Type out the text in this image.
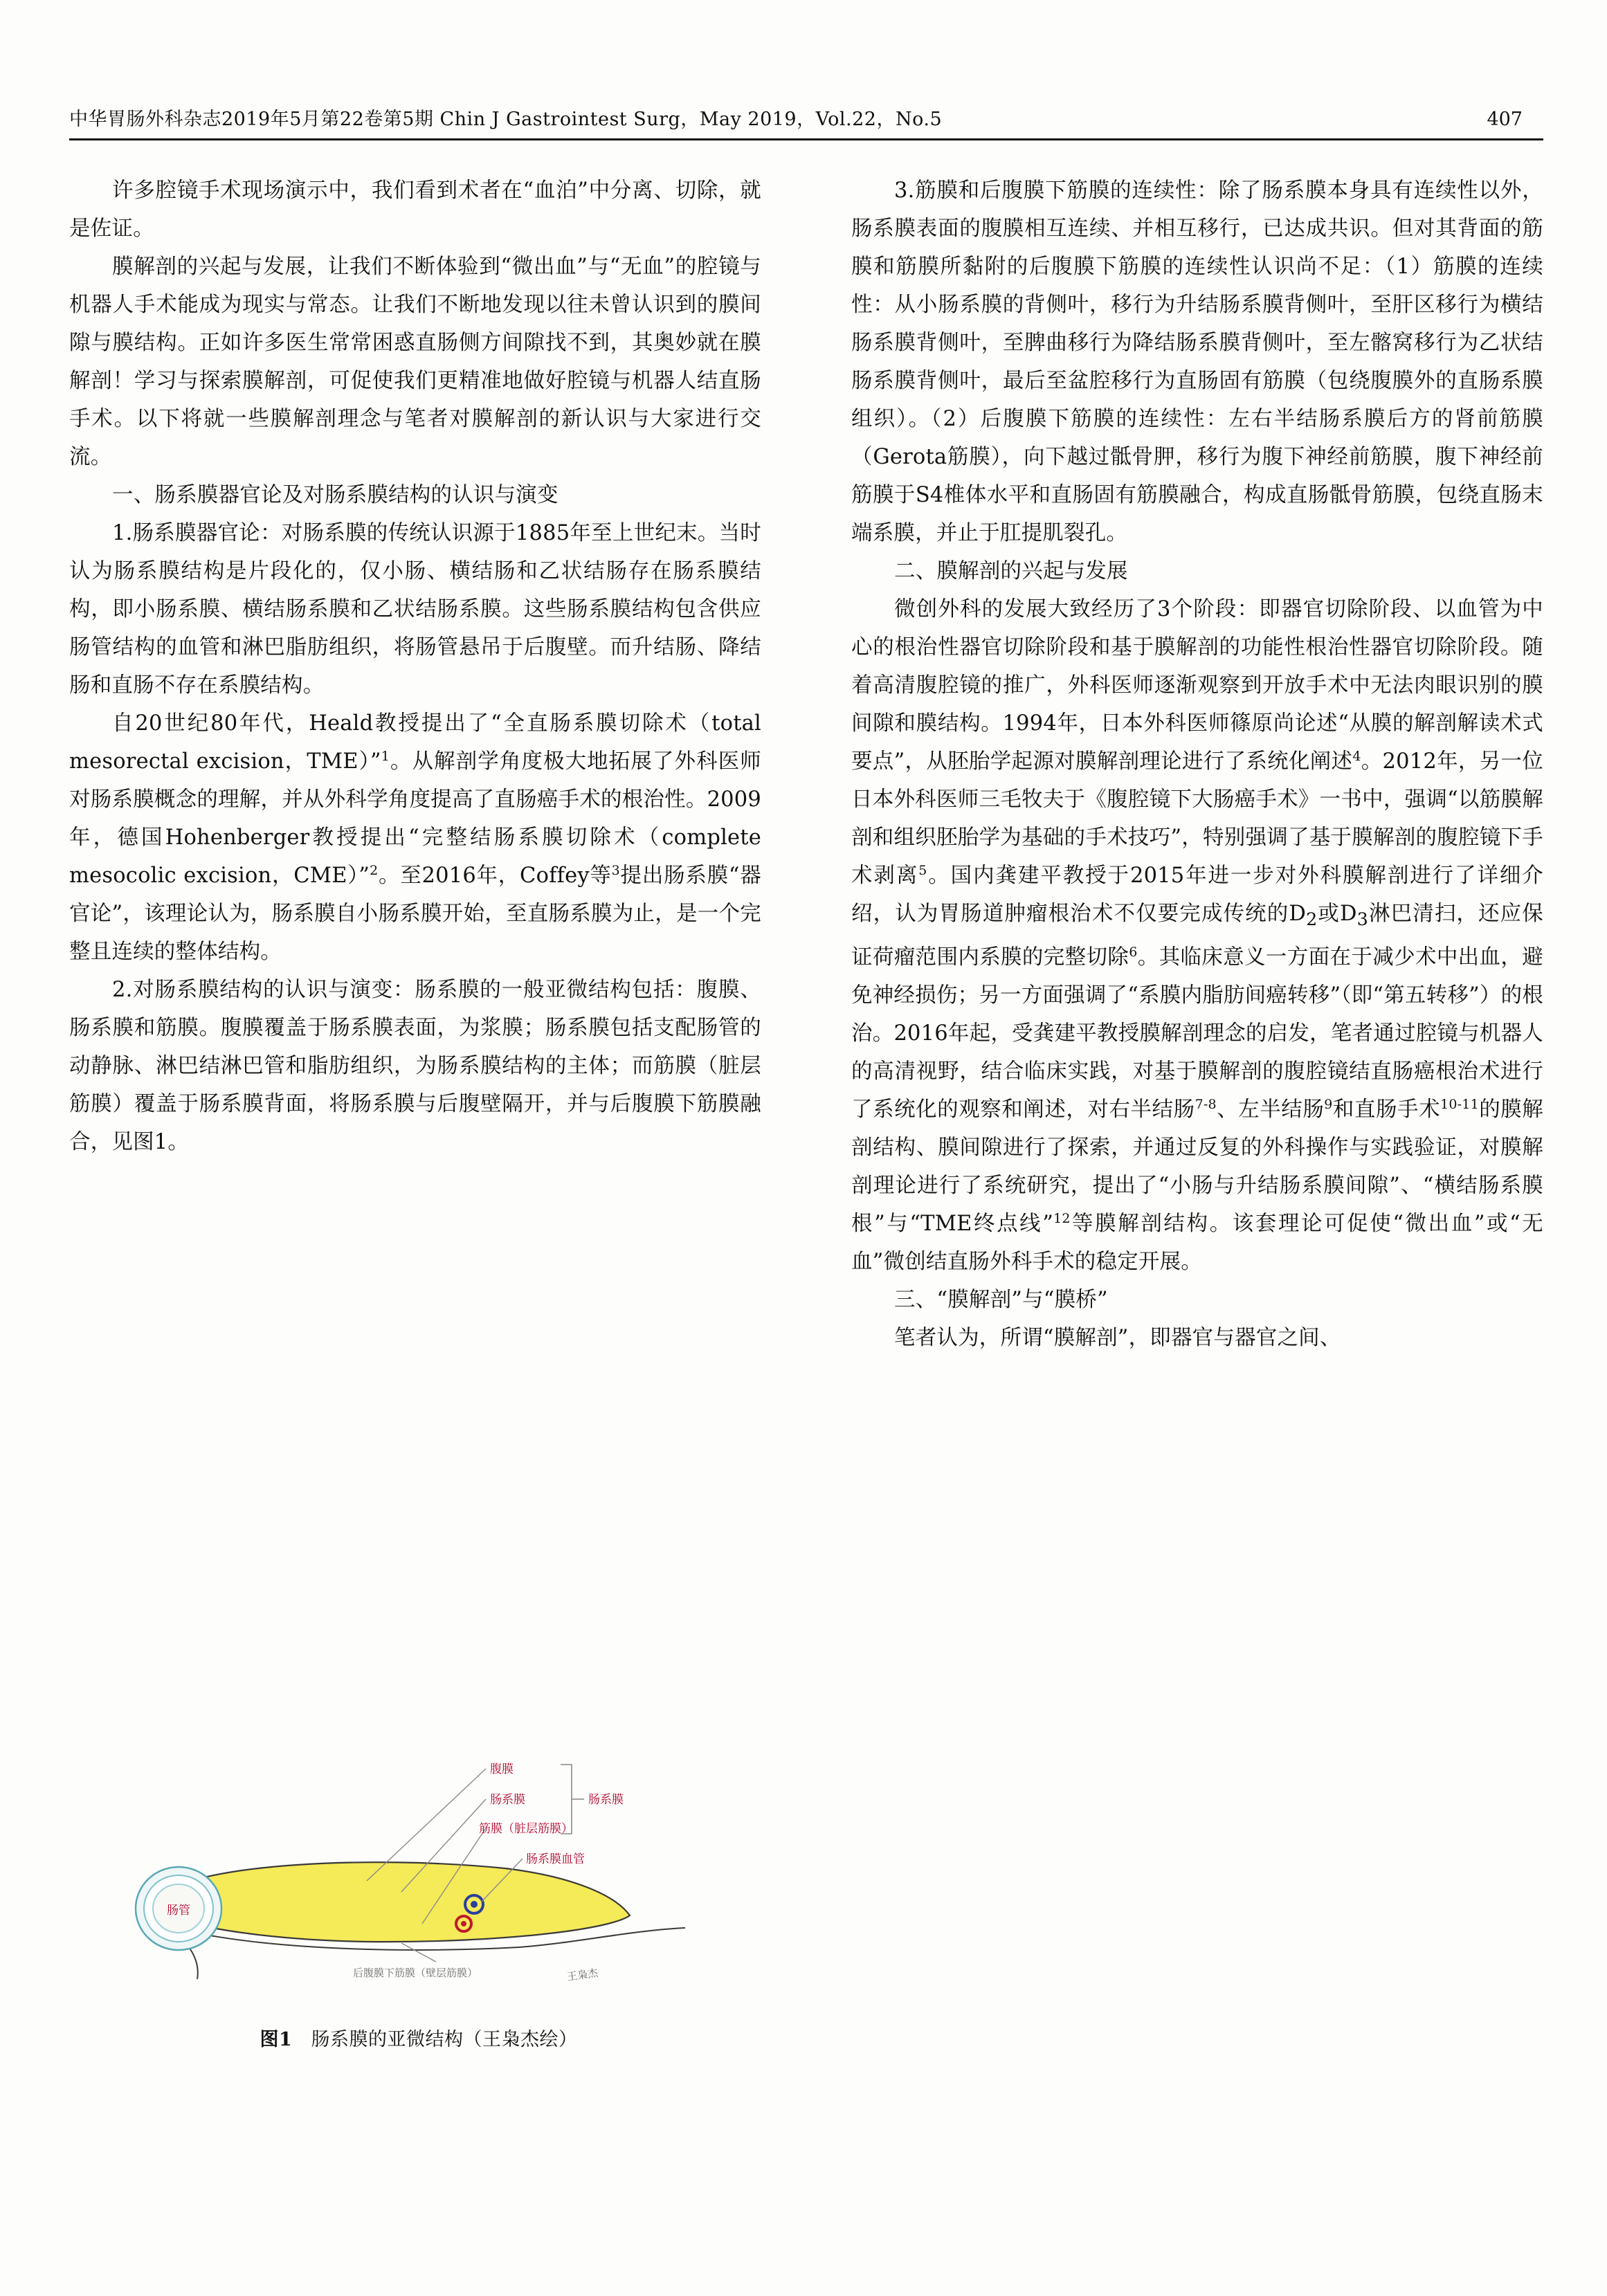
中华胃肠外科杂志2019年5月第22卷第5期 Chin J Gastrointest Surg，May 2019，Vol.22，No.5	407

许多腔镜手术现场演示中，我们看到术者在“血泊”中分离、切除，就是佐证。

膜解剖的兴起与发展，让我们不断体验到“微出血”与“无血”的腔镜与机器人手术能成为现实与常态。让我们不断地发现以往未曾认识到的膜间隙与膜结构。正如许多医生常常困惑直肠侧方间隙找不到，其奥妙就在膜解剖！学习与探索膜解剖，可促使我们更精准地做好腔镜与机器人结直肠手术。以下将就一些膜解剖理念与笔者对膜解剖的新认识与大家进行交流。

一、肠系膜器官论及对肠系膜结构的认识与演变

1.肠系膜器官论：对肠系膜的传统认识源于1885年至上世纪末。当时认为肠系膜结构是片段化的，仅小肠、横结肠和乙状结肠存在肠系膜结构，即小肠系膜、横结肠系膜和乙状结肠系膜。这些肠系膜结构包含供应肠管结构的血管和淋巴脂肪组织，将肠管悬吊于后腹壁。而升结肠、降结肠和直肠不存在系膜结构。

自20世纪80年代，Heald教授提出了“全直肠系膜切除术（total mesorectal excision，TME）”$^1$。从解剖学角度极大地拓展了外科医师对肠系膜概念的理解，并从外科学角度提高了直肠癌手术的根治性。2009年，德国Hohenberger教授提出“完整结肠系膜切除术（complete mesocolic excision，CME）”$^2$。至2016年，Coffey等$^3$提出肠系膜“器官论”，该理论认为，肠系膜自小肠系膜开始，至直肠系膜为止，是一个完整且连续的整体结构。

2.对肠系膜结构的认识与演变：肠系膜的一般亚微结构包括：腹膜、肠系膜和筋膜。腹膜覆盖于肠系膜表面，为浆膜；肠系膜包括支配肠管的动静脉、淋巴结淋巴管和脂肪组织，为肠系膜结构的主体；而筋膜（脏层筋膜）覆盖于肠系膜背面，将肠系膜与后腹壁隔开，并与后腹膜下筋膜融合，见图1。

肠管
腹膜
肠系膜
筋膜（脏层筋膜）
肠系膜
肠系膜血管
后腹膜下筋膜（壁层筋膜）	王枭杰
图1 肠系膜的亚微结构（王枭杰绘）

3.筋膜和后腹膜下筋膜的连续性：除了肠系膜本身具有连续性以外，肠系膜表面的腹膜相互连续、并相互移行，已达成共识。但对其背面的筋膜和筋膜所黏附的后腹膜下筋膜的连续性认识尚不足：（1）筋膜的连续性：从小肠系膜的背侧叶，移行为升结肠系膜背侧叶，至肝区移行为横结肠系膜背侧叶，至脾曲移行为降结肠系膜背侧叶，至左髂窝移行为乙状结肠系膜背侧叶，最后至盆腔移行为直肠固有筋膜（包绕腹膜外的直肠系膜组织）。（2）后腹膜下筋膜的连续性：左右半结肠系膜后方的肾前筋膜（Gerota筋膜），向下越过骶骨胛，移行为腹下神经前筋膜，腹下神经前筋膜于S4椎体水平和直肠固有筋膜融合，构成直肠骶骨筋膜，包绕直肠末端系膜，并止于肛提肌裂孔。

二、膜解剖的兴起与发展

微创外科的发展大致经历了3个阶段：即器官切除阶段、以血管为中心的根治性器官切除阶段和基于膜解剖的功能性根治性器官切除阶段。随着高清腹腔镜的推广，外科医师逐渐观察到开放手术中无法肉眼识别的膜间隙和膜结构。1994年，日本外科医师篠原尚论述“从膜的解剖解读术式要点”，从胚胎学起源对膜解剖理论进行了系统化阐述$^4$。2012年，另一位日本外科医师三毛牧夫于《腹腔镜下大肠癌手术》一书中，强调“以筋膜解剖和组织胚胎学为基础的手术技巧”，特别强调了基于膜解剖的腹腔镜下手术剥离$^5$。国内龚建平教授于2015年进一步对外科膜解剖进行了详细介绍，认为胃肠道肿瘤根治术不仅要完成传统的$D_2$或$D_3$淋巴清扫，还应保证荷瘤范围内系膜的完整切除$^6$。其临床意义一方面在于减少术中出血，避免神经损伤；另一方面强调了“系膜内脂肪间癌转移”（即“第五转移”）的根治。2016年起，受龚建平教授膜解剖理念的启发，笔者通过腔镜与机器人的高清视野，结合临床实践，对基于膜解剖的腹腔镜结直肠癌根治术进行了系统化的观察和阐述，对右半结肠$^{7-8}$、左半结肠$^9$和直肠手术$^{10-11}$的膜解剖结构、膜间隙进行了探索，并通过反复的外科操作与实践验证，对膜解剖理论进行了系统研究，提出了“小肠与升结肠系膜间隙”、“横结肠系膜根”与“TME终点线”$^{12}$等膜解剖结构。该套理论可促使“微出血”或“无血”微创结直肠外科手术的稳定开展。

三、“膜解剖”与“膜桥”

笔者认为，所谓“膜解剖”，即器官与器官之间、
